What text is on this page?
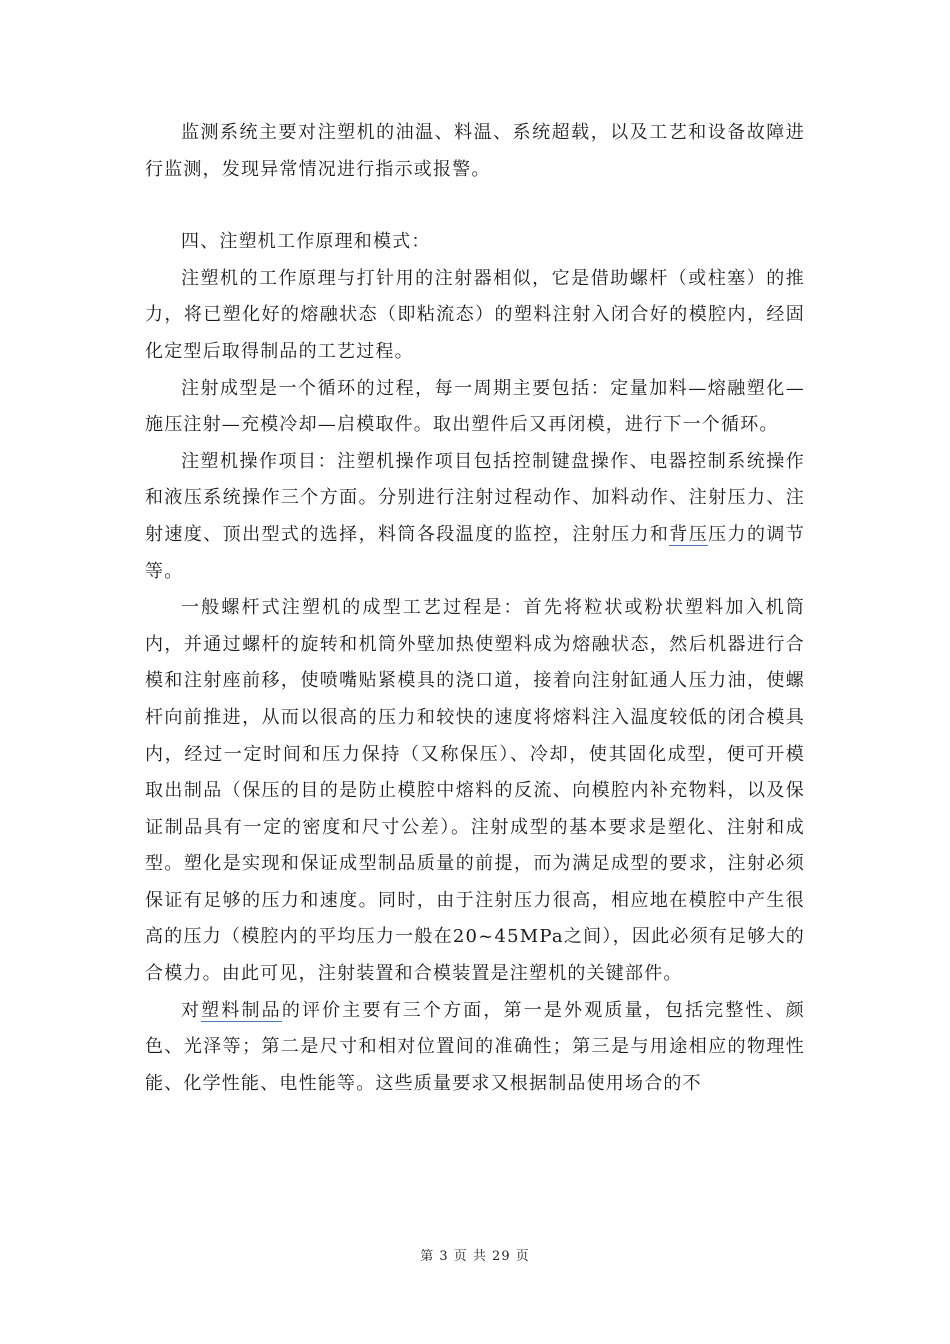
监测系统主要对注塑机的油温、料温、系统超载，以及工艺和设备故障进行监测，发现异常情况进行指示或报警。

四、注塑机工作原理和模式：

注塑机的工作原理与打针用的注射器相似，它是借助螺杆（或柱塞）的推力，将已塑化好的熔融状态（即粘流态）的塑料注射入闭合好的模腔内，经固化定型后取得制品的工艺过程。

注射成型是一个循环的过程，每一周期主要包括：定量加料—熔融塑化—施压注射—充模冷却—启模取件。取出塑件后又再闭模，进行下一个循环。

注塑机操作项目：注塑机操作项目包括控制键盘操作、电器控制系统操作和液压系统操作三个方面。分别进行注射过程动作、加料动作、注射压力、注射速度、顶出型式的选择，料筒各段温度的监控，注射压力和背压压力的调节等。

一般螺杆式注塑机的成型工艺过程是：首先将粒状或粉状塑料加入机筒内，并通过螺杆的旋转和机筒外壁加热使塑料成为熔融状态，然后机器进行合模和注射座前移，使喷嘴贴紧模具的浇口道，接着向注射缸通人压力油，使螺杆向前推进，从而以很高的压力和较快的速度将熔料注入温度较低的闭合模具内，经过一定时间和压力保持（又称保压）、冷却，使其固化成型，便可开模取出制品（保压的目的是防止模腔中熔料的反流、向模腔内补充物料，以及保证制品具有一定的密度和尺寸公差）。注射成型的基本要求是塑化、注射和成型。塑化是实现和保证成型制品质量的前提，而为满足成型的要求，注射必须保证有足够的压力和速度。同时，由于注射压力很高，相应地在模腔中产生很高的压力（模腔内的平均压力一般在20~45MPa之间），因此必须有足够大的合模力。由此可见，注射装置和合模装置是注塑机的关键部件。

对塑料制品的评价主要有三个方面，第一是外观质量，包括完整性、颜色、光泽等；第二是尺寸和相对位置间的准确性；第三是与用途相应的物理性能、化学性能、电性能等。这些质量要求又根据制品使用场合的不

第 3 页 共 29 页
